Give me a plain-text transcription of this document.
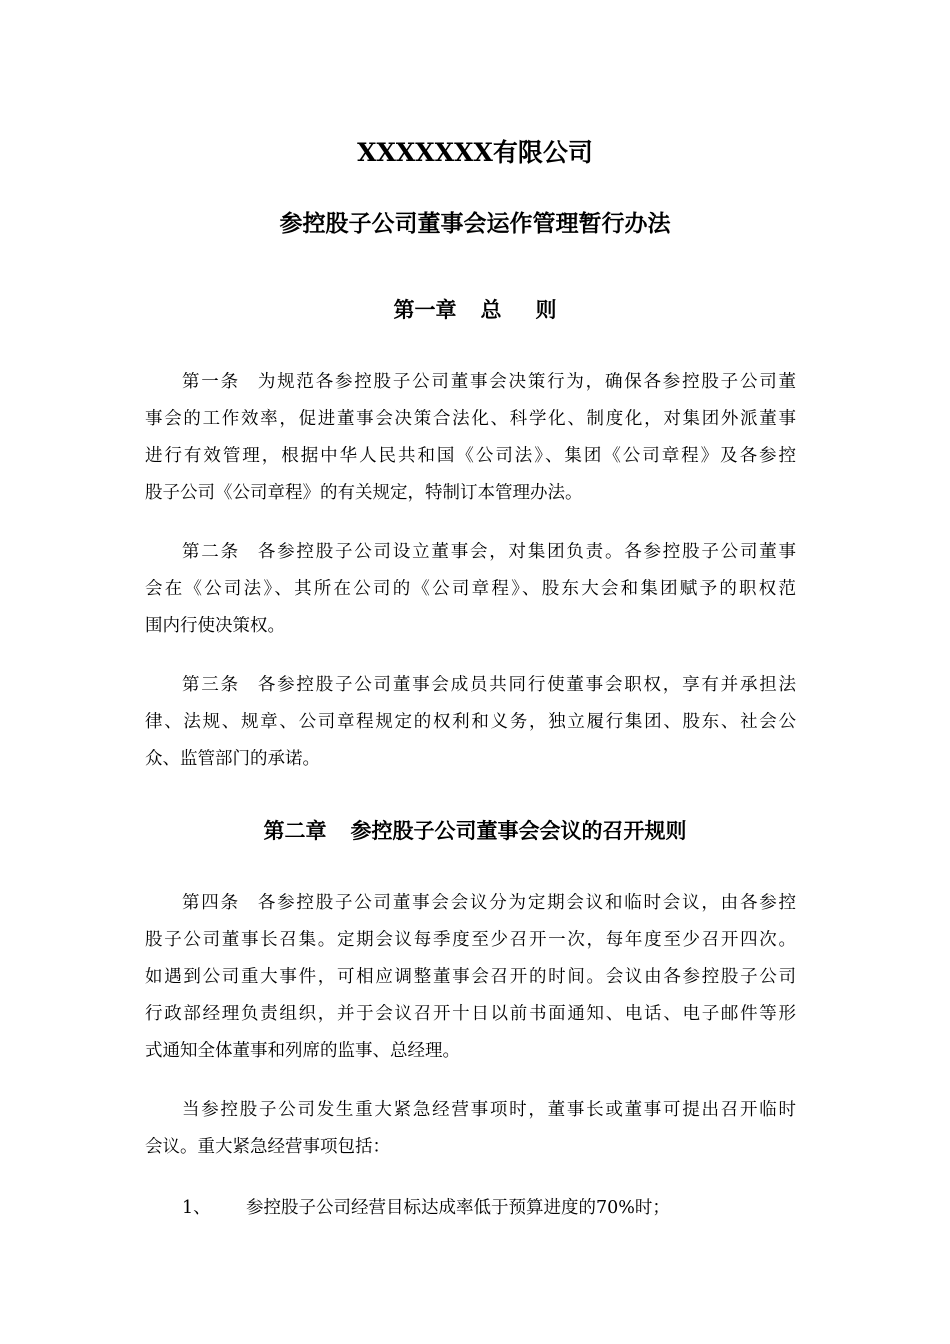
XXXXXXX有限公司
参控股子公司董事会运作管理暂行办法
第一章 总 则
第一条 为规范各参控股子公司董事会决策行为，确保各参控股子公司董
事会的工作效率，促进董事会决策合法化、科学化、制度化，对集团外派董事
进行有效管理，根据中华人民共和国《公司法》、集团《公司章程》及各参控
股子公司《公司章程》的有关规定，特制订本管理办法。
第二条 各参控股子公司设立董事会，对集团负责。各参控股子公司董事
会在《公司法》、其所在公司的《公司章程》、股东大会和集团赋予的职权范
围内行使决策权。
第三条 各参控股子公司董事会成员共同行使董事会职权，享有并承担法
律、法规、规章、公司章程规定的权利和义务，独立履行集团、股东、社会公
众、监管部门的承诺。
第二章 参控股子公司董事会会议的召开规则
第四条 各参控股子公司董事会会议分为定期会议和临时会议，由各参控
股子公司董事长召集。定期会议每季度至少召开一次，每年度至少召开四次。
如遇到公司重大事件，可相应调整董事会召开的时间。会议由各参控股子公司
行政部经理负责组织，并于会议召开十日以前书面通知、电话、电子邮件等形
式通知全体董事和列席的监事、总经理。
当参控股子公司发生重大紧急经营事项时，董事长或董事可提出召开临时
会议。重大紧急经营事项包括：
1、 参控股子公司经营目标达成率低于预算进度的70%时；
